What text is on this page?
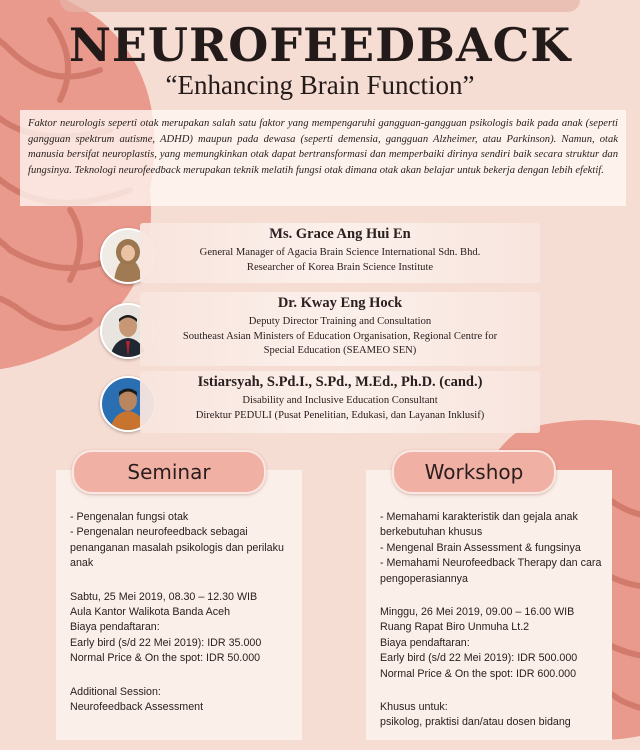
NEUROFEEDBACK
“Enhancing Brain Function”
Faktor neurologis seperti otak merupakan salah satu faktor yang mempengaruhi gangguan-gangguan psikologis baik pada anak (seperti gangguan spektrum autisme, ADHD) maupun pada dewasa (seperti demensia, gangguan Alzheimer, atau Parkinson). Namun, otak manusia bersifat neuroplastis, yang memungkinkan otak dapat bertransformasi dan memperbaiki dirinya sendiri baik secara struktur dan fungsinya. Teknologi neurofeedback merupakan teknik melatih fungsi otak dimana otak akan belajar untuk bekerja dengan lebih efektif.
Ms. Grace Ang Hui En
General Manager of Agacia Brain Science International Sdn. Bhd.
Researcher of Korea Brain Science Institute
Dr. Kway Eng Hock
Deputy Director Training and Consultation
Southeast Asian Ministers of Education Organisation, Regional Centre for Special Education (SEAMEO SEN)
Istiarsyah, S.Pd.I., S.Pd., M.Ed., Ph.D. (cand.)
Disability and Inclusive Education Consultant
Direktur PEDULI (Pusat Penelitian, Edukasi, dan Layanan Inklusif)
- Pengenalan fungsi otak
- Pengenalan neurofeedback sebagai penanganan masalah psikologis dan perilaku anak
Sabtu, 25 Mei 2019, 08.30 – 12.30 WIB
Aula Kantor Walikota Banda Aceh
Biaya pendaftaran:
Early bird (s/d 22 Mei 2019): IDR 35.000
Normal Price & On the spot: IDR 50.000
Additional Session:
Neurofeedback Assessment
Seminar
- Memahami karakteristik dan gejala anak berkebutuhan khusus
- Mengenal Brain Assessment & fungsinya
- Memahami Neurofeedback Therapy dan cara pengoperasiannya
Minggu, 26 Mei 2019, 09.00 – 16.00 WIB
Ruang Rapat Biro Unmuha Lt.2
Biaya pendaftaran:
Early bird (s/d 22 Mei 2019): IDR 500.000
Normal Price & On the spot: IDR 600.000
Khusus untuk:
psikolog, praktisi dan/atau dosen bidang
Workshop
